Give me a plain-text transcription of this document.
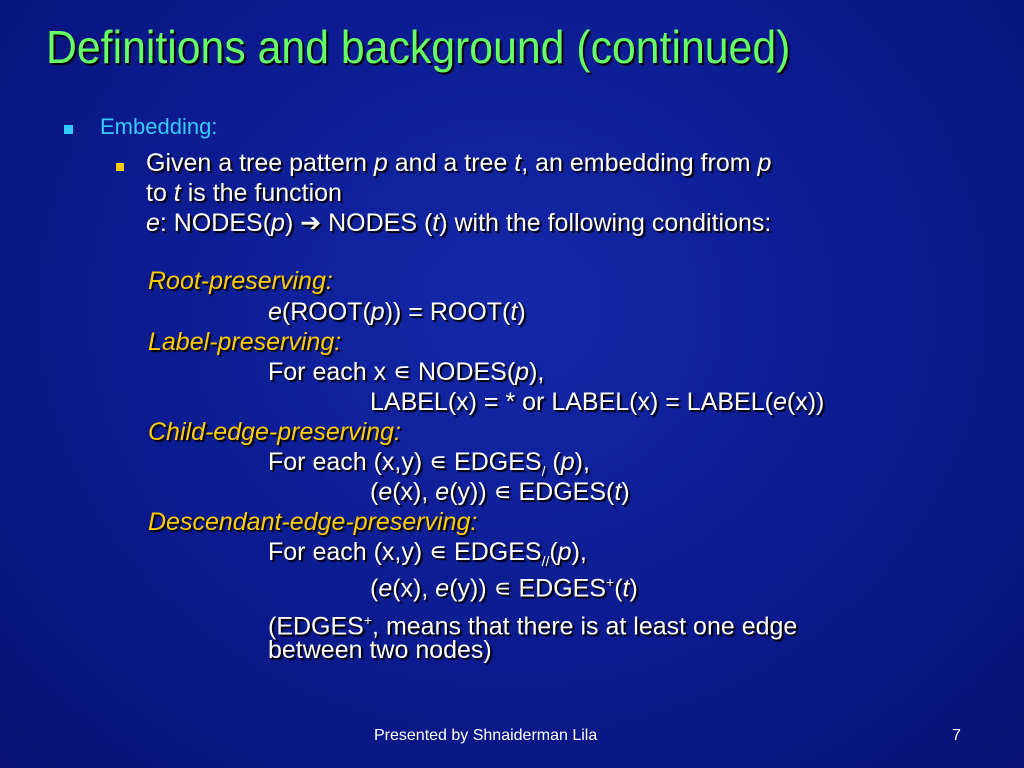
Definitions and background (continued)
Embedding:
Given a tree pattern p and a tree t, an embedding from p
to t is the function
e: NODES(p) ➔ NODES (t) with the following conditions:
Root-preserving:
e(ROOT(p)) = ROOT(t)
Label-preserving:
For each x ∊ NODES(p),
LABEL(x) = * or LABEL(x) = LABEL(e(x))
Child-edge-preserving:
For each (x,y) ∊ $EDGES_/$ (p),
(e(x), e(y)) ∊ EDGES(t)
Descendant-edge-preserving:
For each (x,y) ∊ $EDGES_{//}(p)$,
(e(x), e(y)) ∊ EDGES+(t)
(EDGES+, means that there is at least one edge
between two nodes)
Presented by Shnaiderman Lila	7
